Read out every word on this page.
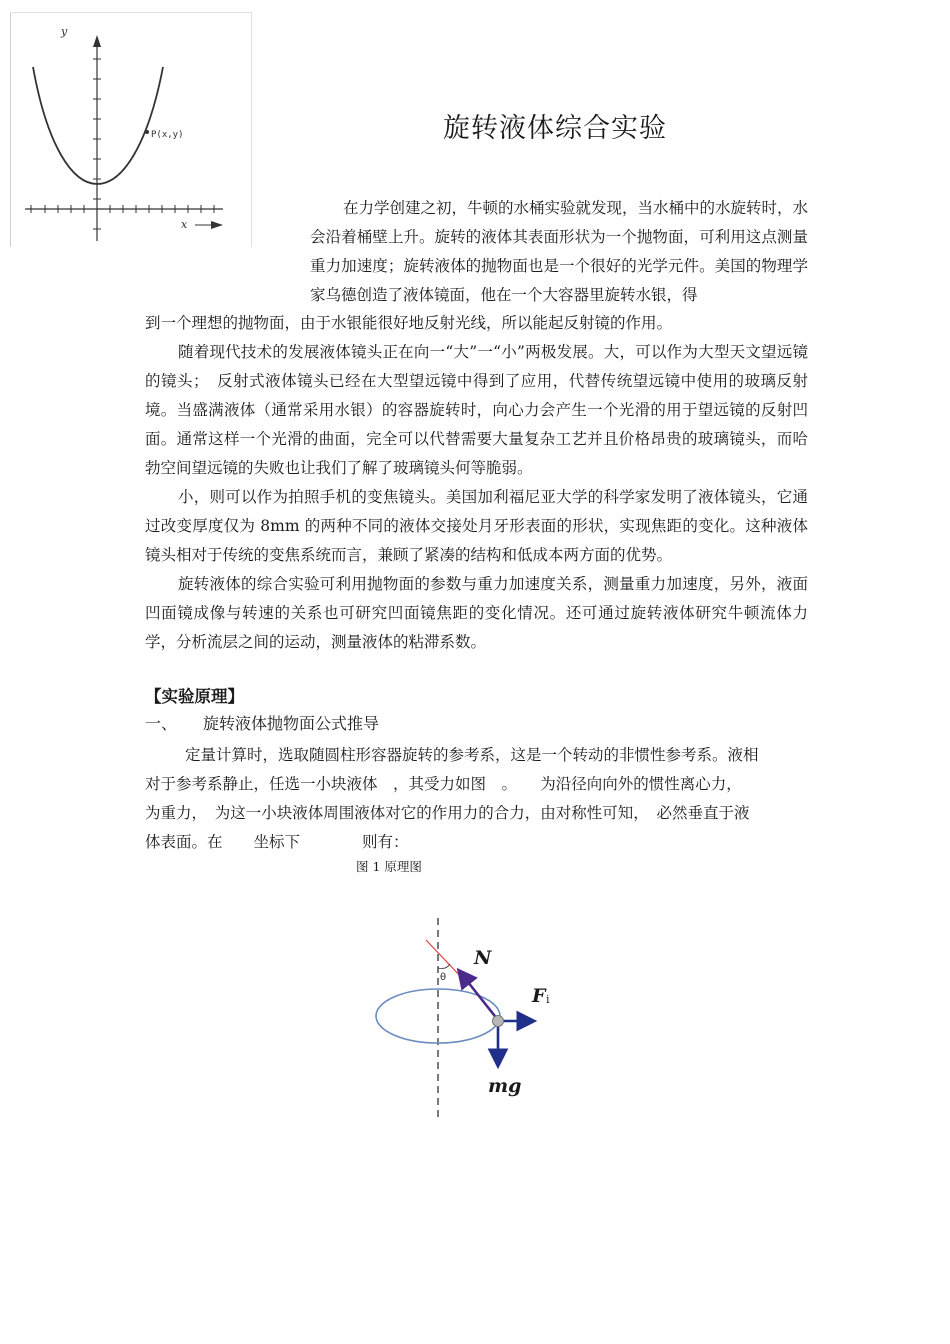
P(x,y)
y
x
旋转液体综合实验

在力学创建之初，牛顿的水桶实验就发现，当水桶中的水旋转时，水会沿着桶壁上升。旋转的液体其表面形状为一个抛物面，可利用这点测量重力加速度；旋转液体的抛物面也是一个很好的光学元件。美国的物理学家乌德创造了液体镜面，他在一个大容器里旋转水银，得

到一个理想的抛物面，由于水银能很好地反射光线，所以能起反射镜的作用。

随着现代技术的发展液体镜头正在向一“大”一“小”两极发展。大，可以作为大型天文望远镜的镜头；　反射式液体镜头已经在大型望远镜中得到了应用，代替传统望远镜中使用的玻璃反射境。当盛满液体（通常采用水银）的容器旋转时，向心力会产生一个光滑的用于望远镜的反射凹面。通常这样一个光滑的曲面，完全可以代替需要大量复杂工艺并且价格昂贵的玻璃镜头，而哈勃空间望远镜的失败也让我们了解了玻璃镜头何等脆弱。

小，则可以作为拍照手机的变焦镜头。美国加利福尼亚大学的科学家发明了液体镜头，它通过改变厚度仅为 8mm 的两种不同的液体交接处月牙形表面的形状，实现焦距的变化。这种液体镜头相对于传统的变焦系统而言，兼顾了紧凑的结构和低成本两方面的优势。

旋转液体的综合实验可利用抛物面的参数与重力加速度关系，测量重力加速度，另外，液面凹面镜成像与转速的关系也可研究凹面镜焦距的变化情况。还可通过旋转液体研究牛顿流体力学，分析流层之间的运动，测量液体的粘滞系数。

【实验原理】
一、 旋转液体抛物面公式推导

定量计算时，选取随圆柱形容器旋转的参考系，这是一个转动的非惯性参考系。液相

对于参考系静止，任选一小块液体　，其受力如图　。　　为沿径向向外的惯性离心力，

为重力，　为这一小块液体周围液体对它的作用力的合力，由对称性可知，　必然垂直于液

体表面。在　　坐标下　　　　则有：

图 1 原理图
θ
N
F i
mg
